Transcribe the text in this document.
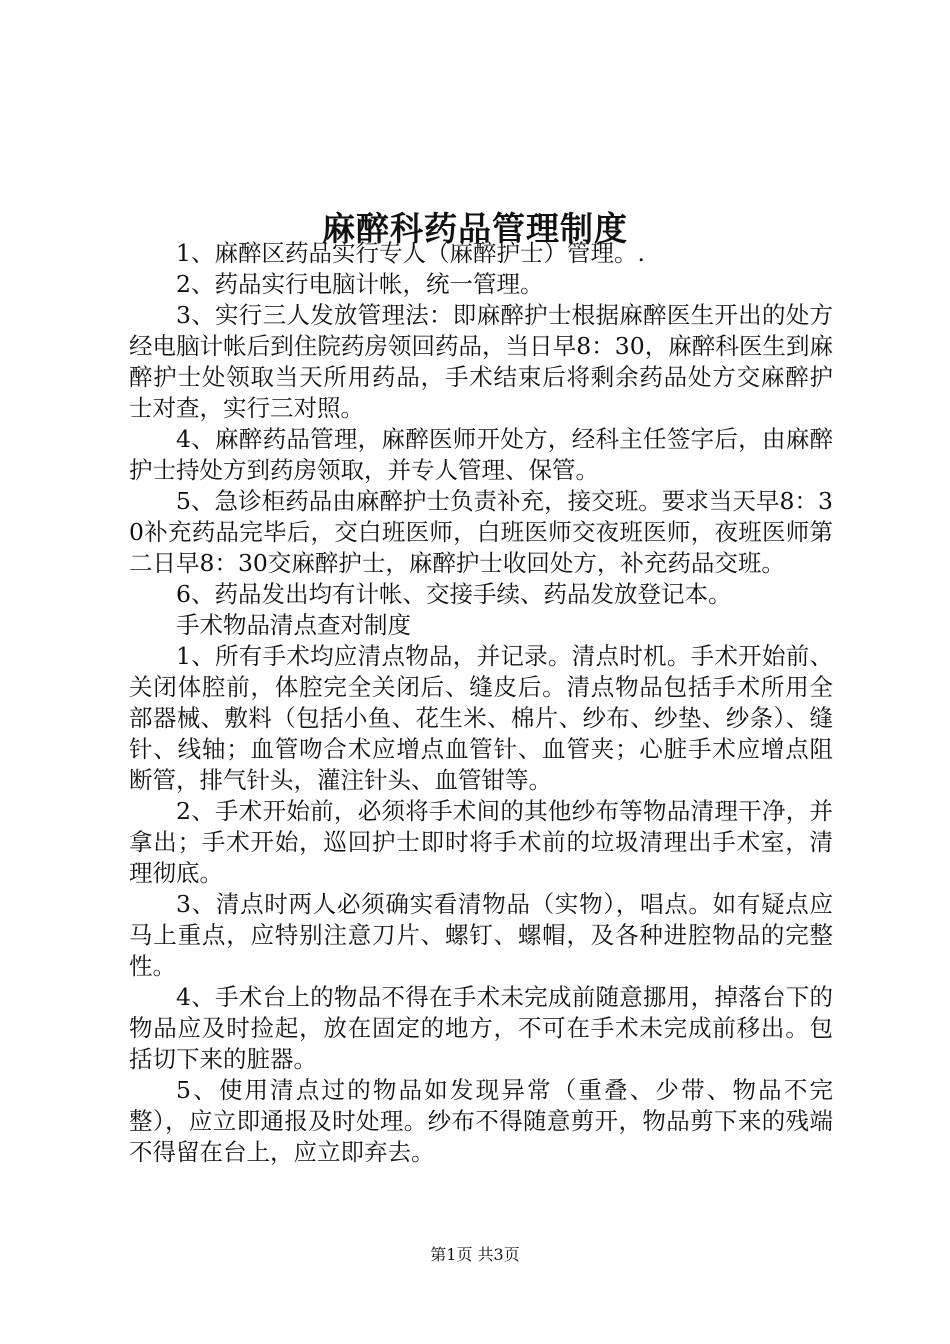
麻醉科药品管理制度

1、麻醉区药品实行专人（麻醉护士）管理。.

2、药品实行电脑计帐，统一管理。

3、实行三人发放管理法：即麻醉护士根据麻醉医生开出的处方经电脑计帐后到住院药房领回药品，当日早8：30，麻醉科医生到麻醉护士处领取当天所用药品，手术结束后将剩余药品处方交麻醉护士对查，实行三对照。

4、麻醉药品管理，麻醉医师开处方，经科主任签字后，由麻醉护士持处方到药房领取，并专人管理、保管。

5、急诊柜药品由麻醉护士负责补充，接交班。要求当天早8：30补充药品完毕后，交白班医师，白班医师交夜班医师，夜班医师第二日早8：30交麻醉护士，麻醉护士收回处方，补充药品交班。

6、药品发出均有计帐、交接手续、药品发放登记本。

手术物品清点查对制度

1、所有手术均应清点物品，并记录。清点时机。手术开始前、关闭体腔前，体腔完全关闭后、缝皮后。清点物品包括手术所用全部器械、敷料（包括小鱼、花生米、棉片、纱布、纱垫、纱条）、缝针、线轴；血管吻合术应增点血管针、血管夹；心脏手术应增点阻断管，排气针头，灌注针头、血管钳等。

2、手术开始前，必须将手术间的其他纱布等物品清理干净，并拿出；手术开始，巡回护士即时将手术前的垃圾清理出手术室，清理彻底。

3、清点时两人必须确实看清物品（实物），唱点。如有疑点应马上重点，应特别注意刀片、螺钉、螺帽，及各种进腔物品的完整性。

4、手术台上的物品不得在手术未完成前随意挪用，掉落台下的物品应及时捡起，放在固定的地方，不可在手术未完成前移出。包括切下来的脏器。

5、使用清点过的物品如发现异常（重叠、少带、物品不完整），应立即通报及时处理。纱布不得随意剪开，物品剪下来的残端不得留在台上，应立即弃去。

第1页 共3页
